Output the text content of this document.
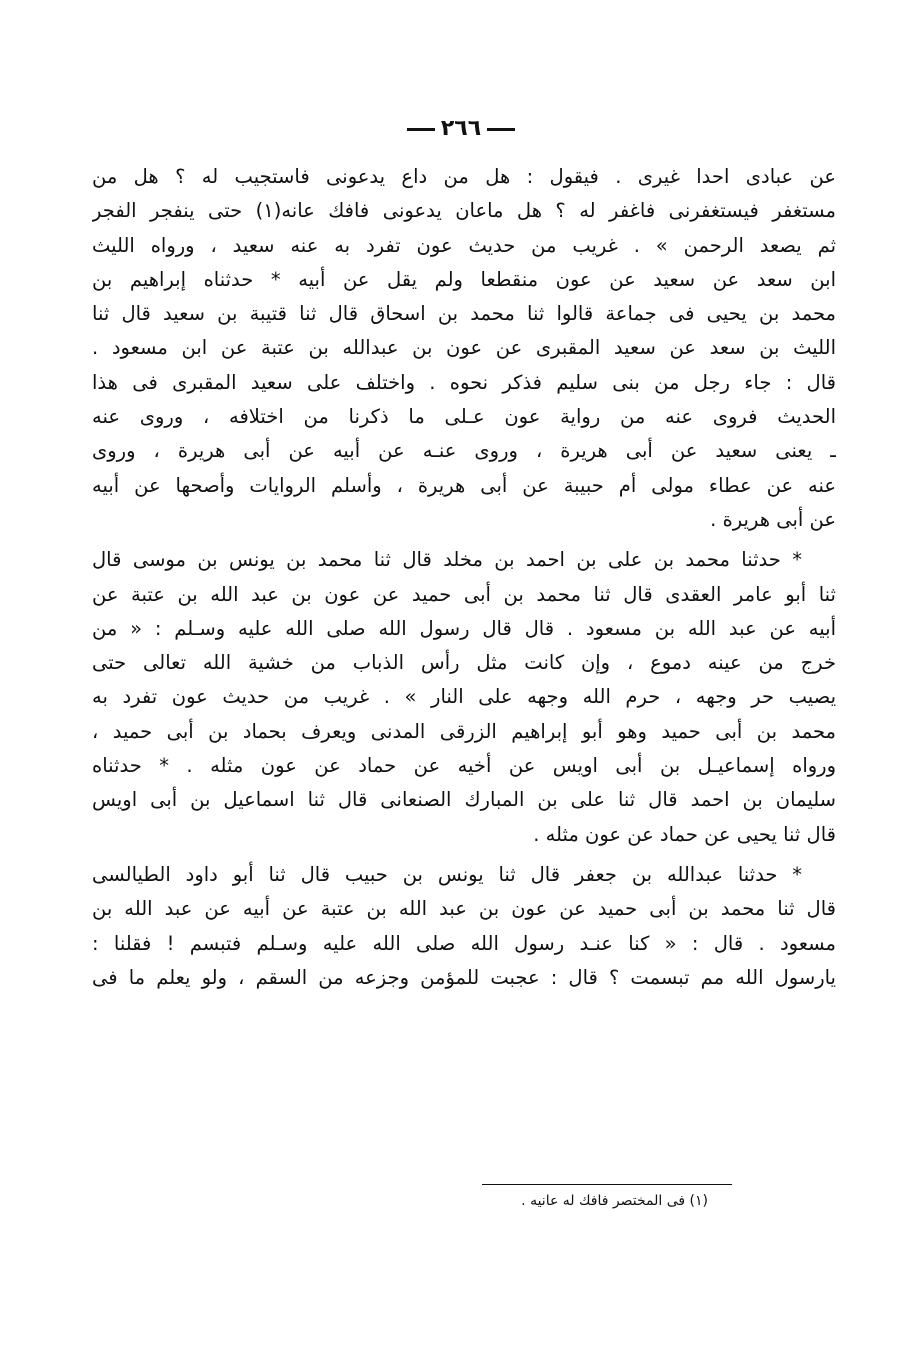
٢٦٦
عن عبادى احدا غيرى . فيقول : هل من داع يدعونى فاستجيب له ؟ هل من
مستغفر فيستغفرنى فاغفر له ؟ هل ماعان يدعونى فافك عانه(١) حتى ينفجر الفجر
ثم يصعد الرحمن » . غريب من حديث عون تفرد به عنه سعيد ، ورواه الليث
ابن سعد عن سعيد عن عون منقطعا ولم يقل عن أبيه * حدثناه إبراهيم بن
محمد بن يحيى فى جماعة قالوا ثنا محمد بن اسحاق قال ثنا قتيبة بن سعيد قال ثنا
الليث بن سعد عن سعيد المقبرى عن عون بن عبدالله بن عتبة عن ابن مسعود .
قال : جاء رجل من بنى سليم فذكر نحوه . واختلف على سعيد المقبرى فى هذا
الحديث فروى عنه من رواية عون عـلى ما ذكرنا من اختلافه ، وروى عنه
ـ يعنى سعيد عن أبى هريرة ، وروى عنـه عن أبيه عن أبى هريرة ، وروى
عنه عن عطاء مولى أم حبيبة عن أبى هريرة ، وأسلم الروايات وأصحها عن أبيه
عن أبى هريرة .
* حدثنا محمد بن على بن احمد بن مخلد قال ثنا محمد بن يونس بن موسى قال
ثنا أبو عامر العقدى قال ثنا محمد بن أبى حميد عن عون بن عبد الله بن عتبة عن
أبيه عن عبد الله بن مسعود . قال قال رسول الله صلى الله عليه وسـلم : « من
خرج من عينه دموع ، وإن كانت مثل رأس الذباب من خشية الله تعالى حتى
يصيب حر وجهه ، حرم الله وجهه على النار » . غريب من حديث عون تفرد به
محمد بن أبى حميد وهو أبو إبراهيم الزرقى المدنى ويعرف بحماد بن أبى حميد ،
ورواه إسماعيـل بن أبى اويس عن أخيه عن حماد عن عون مثله . * حدثناه
سليمان بن احمد قال ثنا على بن المبارك الصنعانى قال ثنا اسماعيل بن أبى اويس
قال ثنا يحيى عن حماد عن عون مثله .
* حدثنا عبدالله بن جعفر قال ثنا يونس بن حبيب قال ثنا أبو داود الطيالسى
قال ثنا محمد بن أبى حميد عن عون بن عبد الله بن عتبة عن أبيه عن عبد الله بن
مسعود . قال : « كنا عنـد رسول الله صلى الله عليه وسـلم فتبسم ! فقلنا :
يارسول الله مم تبسمت ؟ قال : عجبت للمؤمن وجزعه من السقم ، ولو يعلم ما فى
(١) فى المختصر فافك له عانيه .
